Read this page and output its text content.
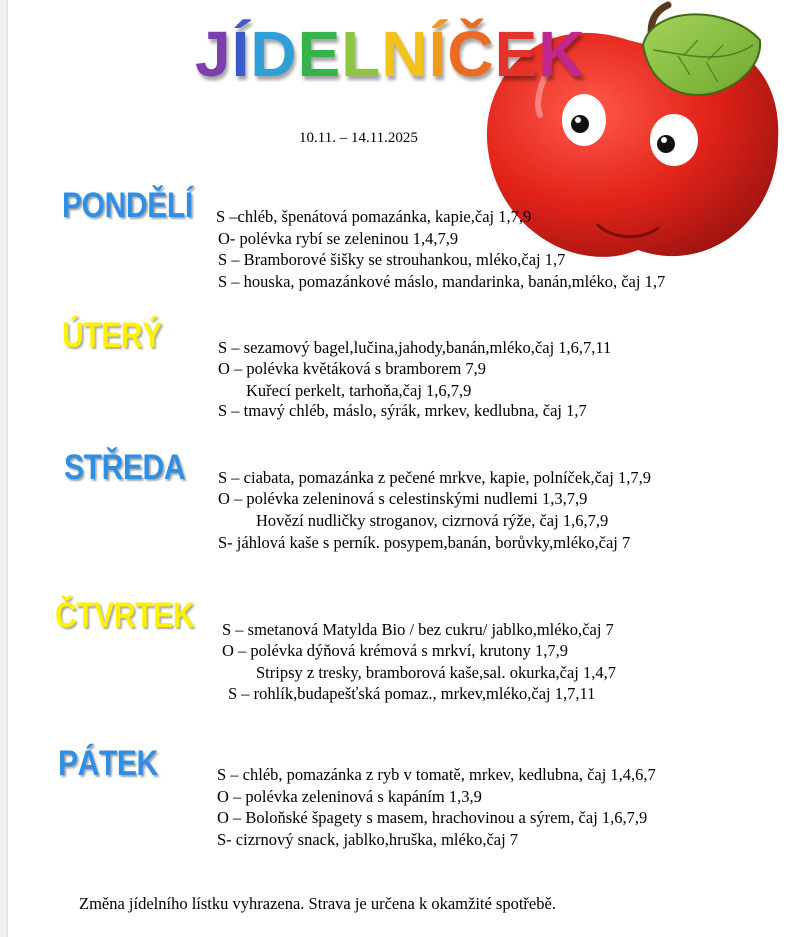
JÍDELNÍČEK
10.11. – 14.11.2025
PONDĚLÍ
ÚTERÝ
STŘEDA
ČTVRTEK
PÁTEK
S –chléb, špenátová pomazánka, kapie,čaj 1,7,9
O- polévka rybí se zeleninou 1,4,7,9
S – Bramborové šišky se strouhankou, mléko,čaj 1,7
S – houska, pomazánkové máslo, mandarinka, banán,mléko, čaj 1,7
S – sezamový bagel,lučina,jahody,banán,mléko,čaj 1,6,7,11
O – polévka květáková s bramborem 7,9
Kuřecí perkelt, tarhoňa,čaj 1,6,7,9
S – tmavý chléb, máslo, sýrák, mrkev, kedlubna, čaj 1,7
S – ciabata, pomazánka z pečené mrkve, kapie, polníček,čaj 1,7,9
O – polévka zeleninová s celestinskými nudlemi 1,3,7,9
Hovězí nudličky stroganov, cizrnová rýže, čaj 1,6,7,9
S- jáhlová kaše s perník. posypem,banán, borůvky,mléko,čaj 7
S – smetanová Matylda Bio / bez cukru/ jablko,mléko,čaj 7
O – polévka dýňová krémová s mrkví, krutony 1,7,9
Stripsy z tresky, bramborová kaše,sal. okurka,čaj 1,4,7
S – rohlík,budapešťská pomaz., mrkev,mléko,čaj 1,7,11
S – chléb, pomazánka z ryb v tomatě, mrkev, kedlubna, čaj 1,4,6,7
O – polévka zeleninová s kapáním 1,3,9
O – Boloňské špagety s masem, hrachovinou a sýrem, čaj 1,6,7,9
S- cizrnový snack, jablko,hruška, mléko,čaj 7
Změna jídelního lístku vyhrazena. Strava je určena k okamžité spotřebě.
